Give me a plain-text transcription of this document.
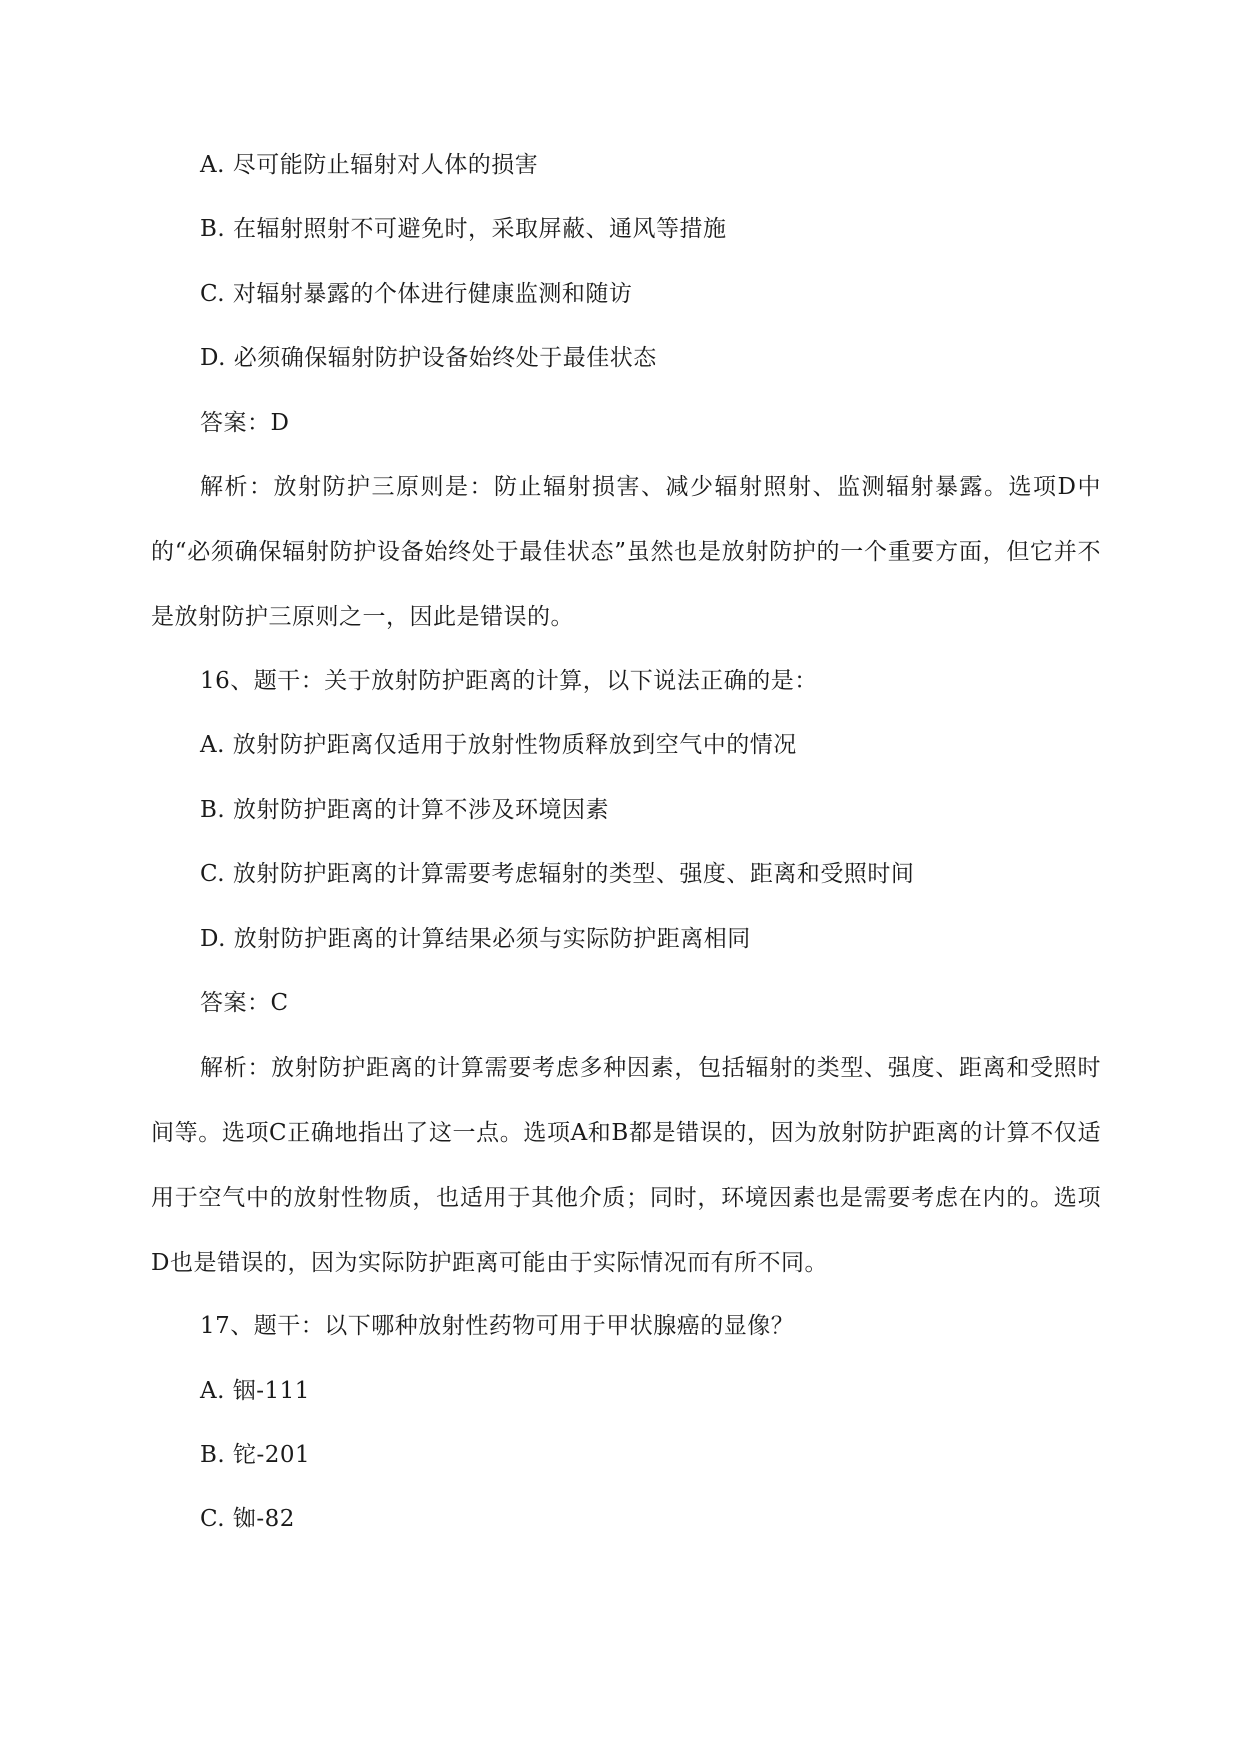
A. 尽可能防止辐射对人体的损害
B. 在辐射照射不可避免时，采取屏蔽、通风等措施
C. 对辐射暴露的个体进行健康监测和随访
D. 必须确保辐射防护设备始终处于最佳状态
答案：D
解析：放射防护三原则是：防止辐射损害、减少辐射照射、监测辐射暴露。选项D中的“必须确保辐射防护设备始终处于最佳状态”虽然也是放射防护的一个重要方面，但它并不是放射防护三原则之一，因此是错误的。
16、题干：关于放射防护距离的计算，以下说法正确的是：
A. 放射防护距离仅适用于放射性物质释放到空气中的情况
B. 放射防护距离的计算不涉及环境因素
C. 放射防护距离的计算需要考虑辐射的类型、强度、距离和受照时间
D. 放射防护距离的计算结果必须与实际防护距离相同
答案：C
解析：放射防护距离的计算需要考虑多种因素，包括辐射的类型、强度、距离和受照时间等。选项C正确地指出了这一点。选项A和B都是错误的，因为放射防护距离的计算不仅适用于空气中的放射性物质，也适用于其他介质；同时，环境因素也是需要考虑在内的。选项D也是错误的，因为实际防护距离可能由于实际情况而有所不同。
17、题干：以下哪种放射性药物可用于甲状腺癌的显像？
A. 铟-111
B. 铊-201
C. 铷-82
